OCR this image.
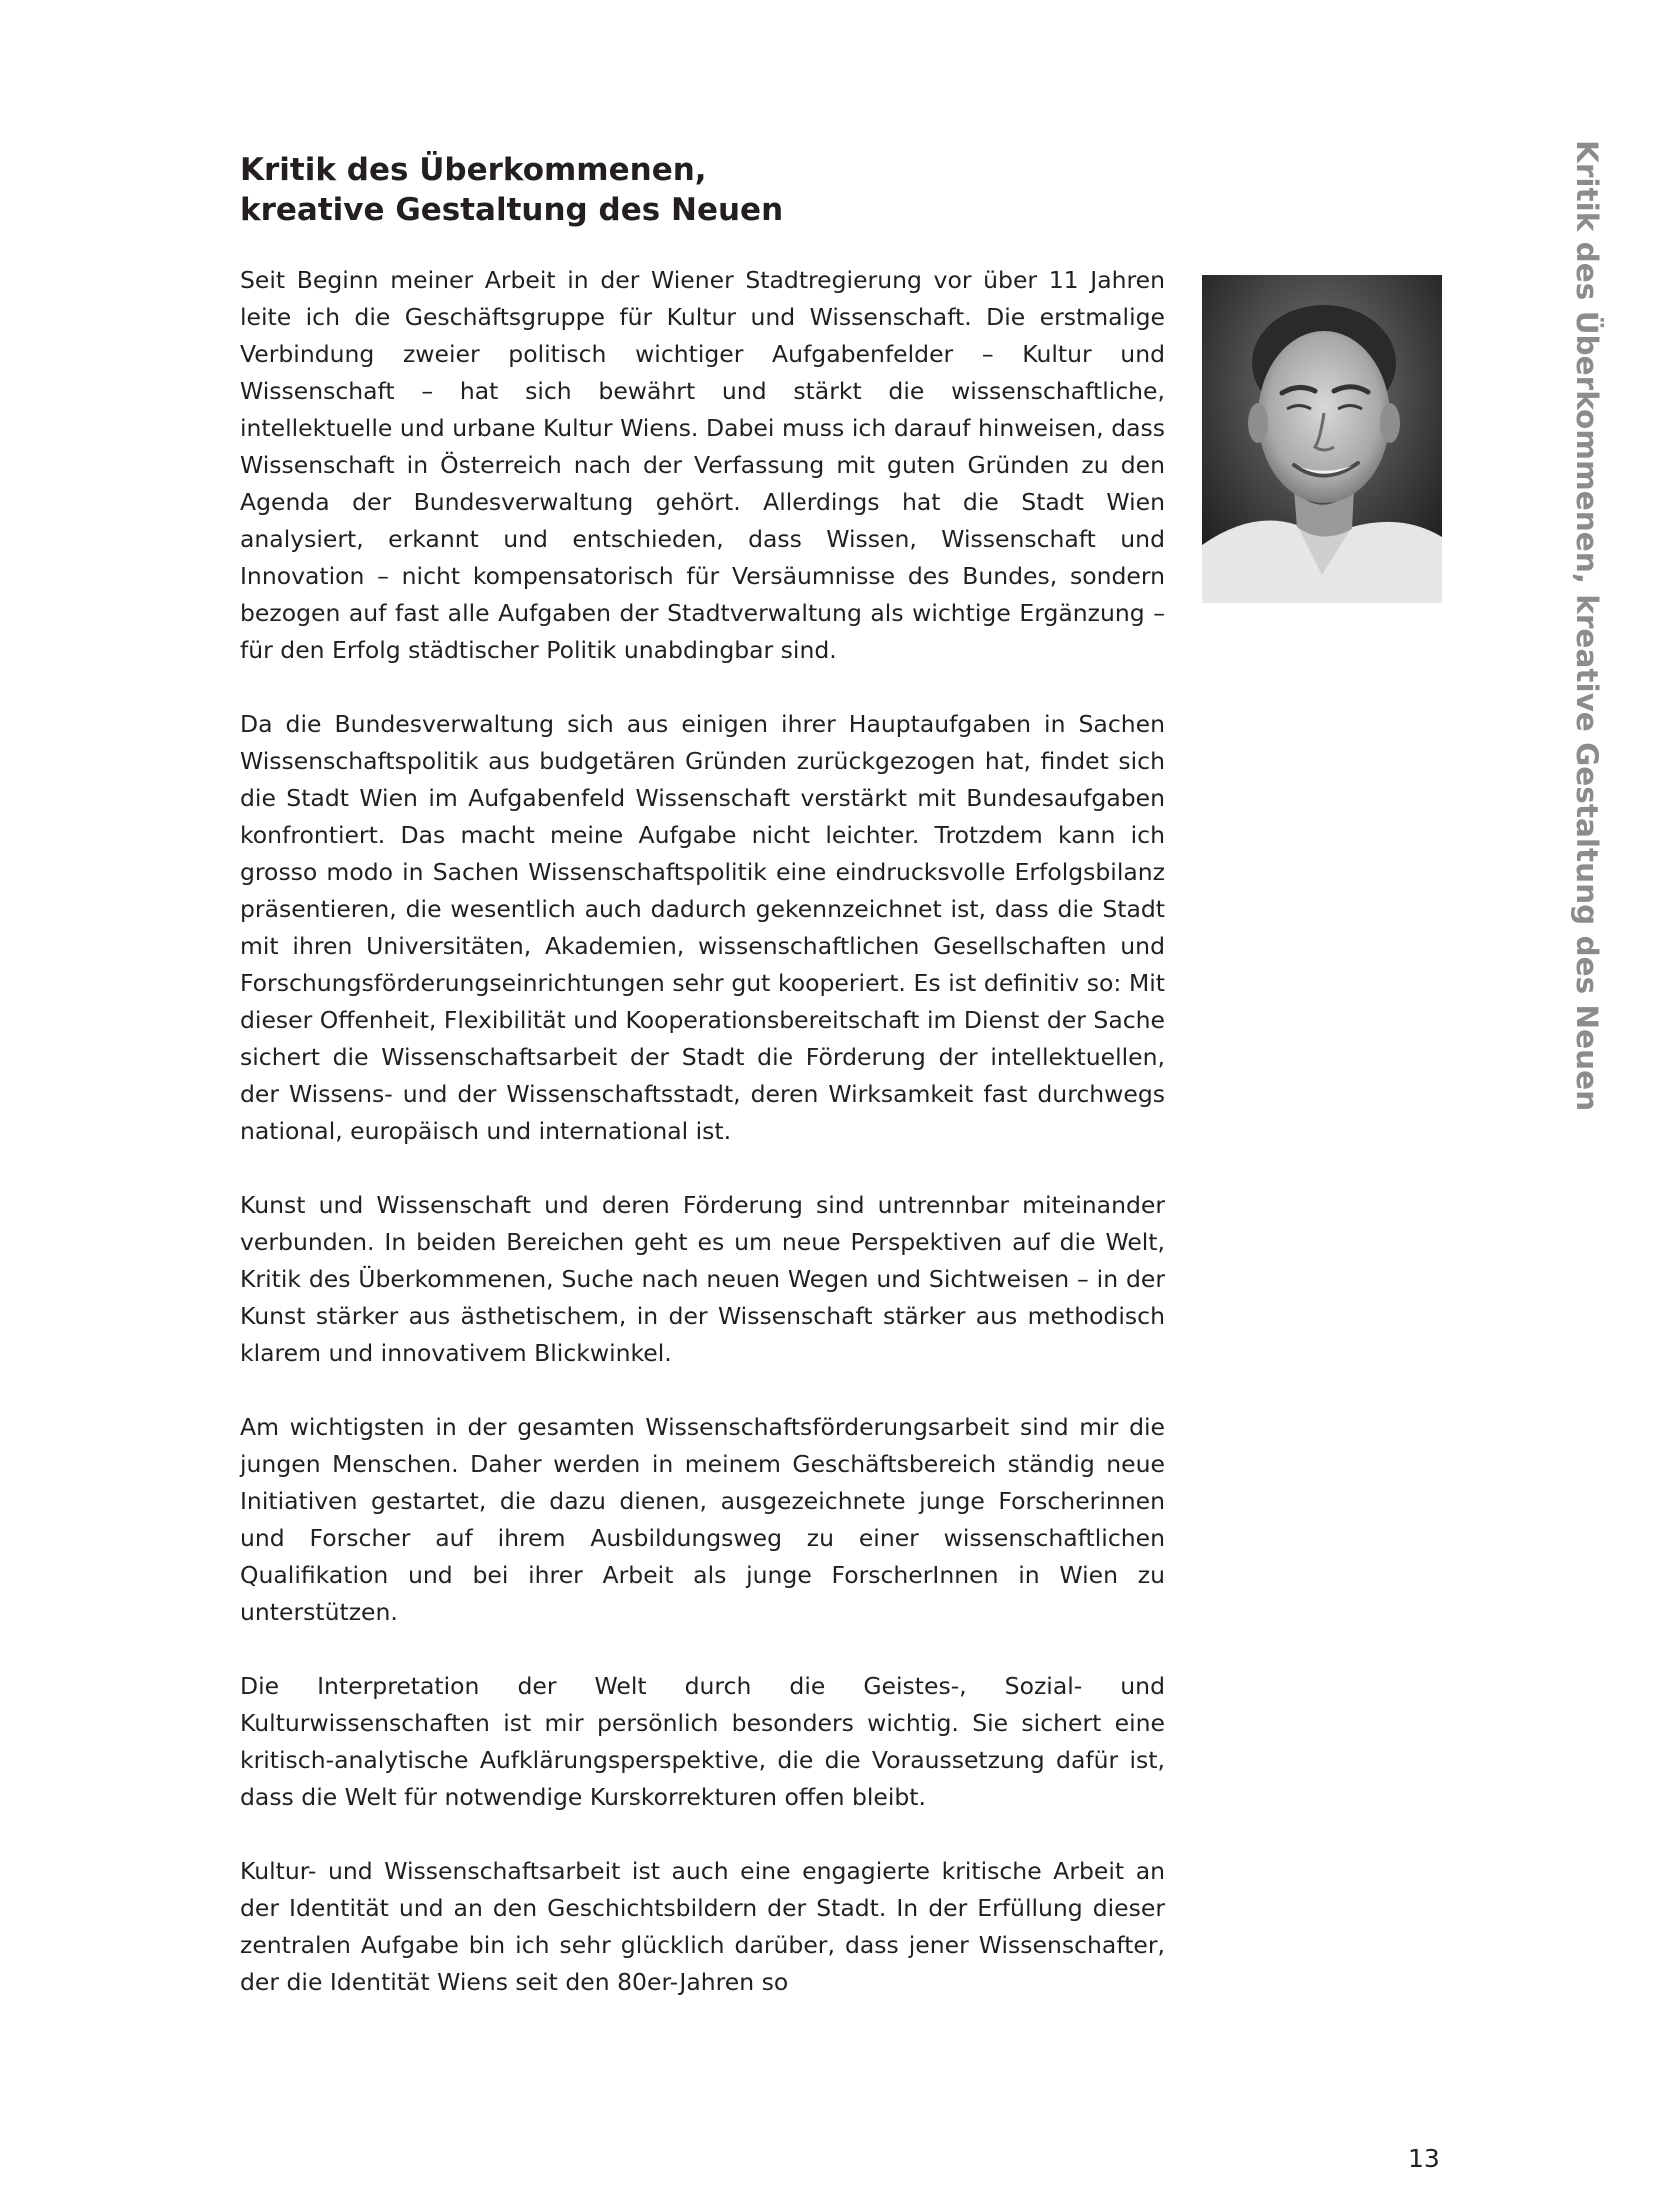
Kritik des Überkommenen,
kreative Gestaltung des Neuen

Seit Beginn meiner Arbeit in der Wiener Stadtregierung vor über 11 Jahren leite ich die Geschäftsgruppe für Kultur und Wissenschaft. Die erstmalige Verbindung zweier politisch wichtiger Aufgabenfelder – Kultur und Wissenschaft – hat sich bewährt und stärkt die wissenschaftliche, intellektuelle und urbane Kultur Wiens. Dabei muss ich darauf hinweisen, dass Wissenschaft in Österreich nach der Verfassung mit guten Gründen zu den Agenda der Bundesverwaltung gehört. Allerdings hat die Stadt Wien analysiert, erkannt und entschieden, dass Wissen, Wissenschaft und Innovation – nicht kompensatorisch für Versäumnisse des Bundes, sondern bezogen auf fast alle Aufgaben der Stadtverwaltung als wichtige Ergänzung – für den Erfolg städtischer Politik unabdingbar sind.

Da die Bundesverwaltung sich aus einigen ihrer Hauptaufgaben in Sachen Wissenschaftspolitik aus budgetären Gründen zurückgezogen hat, findet sich die Stadt Wien im Aufgabenfeld Wissenschaft verstärkt mit Bundesaufgaben konfrontiert. Das macht meine Aufgabe nicht leichter. Trotzdem kann ich grosso modo in Sachen Wissenschaftspolitik eine eindrucksvolle Erfolgsbilanz präsentieren, die wesentlich auch dadurch gekennzeichnet ist, dass die Stadt mit ihren Universitäten, Akademien, wissenschaftlichen Gesellschaften und Forschungsförderungseinrichtungen sehr gut kooperiert. Es ist definitiv so: Mit dieser Offenheit, Flexibilität und Kooperationsbereitschaft im Dienst der Sache sichert die Wissenschaftsarbeit der Stadt die Förderung der intellektuellen, der Wissens- und der Wissenschaftsstadt, deren Wirksamkeit fast durchwegs national, europäisch und international ist.

Kunst und Wissenschaft und deren Förderung sind untrennbar miteinander verbunden. In beiden Bereichen geht es um neue Perspektiven auf die Welt, Kritik des Überkommenen, Suche nach neuen Wegen und Sichtweisen – in der Kunst stärker aus ästhetischem, in der Wissenschaft stärker aus methodisch klarem und innovativem Blickwinkel.

Am wichtigsten in der gesamten Wissenschaftsförderungsarbeit sind mir die jungen Menschen. Daher werden in meinem Geschäftsbereich ständig neue Initiativen gestartet, die dazu dienen, ausgezeichnete junge Forscherinnen und Forscher auf ihrem Ausbildungsweg zu einer wissenschaftlichen Qualifikation und bei ihrer Arbeit als junge ForscherInnen in Wien zu unterstützen.

Die Interpretation der Welt durch die Geistes-, Sozial- und Kulturwissenschaften ist mir persönlich besonders wichtig. Sie sichert eine kritisch-analytische Aufklärungsperspektive, die die Voraussetzung dafür ist, dass die Welt für notwendige Kurskorrekturen offen bleibt.

Kultur- und Wissenschaftsarbeit ist auch eine engagierte kritische Arbeit an der Identität und an den Geschichtsbildern der Stadt. In der Erfüllung dieser zentralen Aufgabe bin ich sehr glücklich darüber, dass jener Wissenschafter, der die Identität Wiens seit den 80er-Jahren so

Kritik des Überkommenen, kreative Gestaltung des Neuen
13
